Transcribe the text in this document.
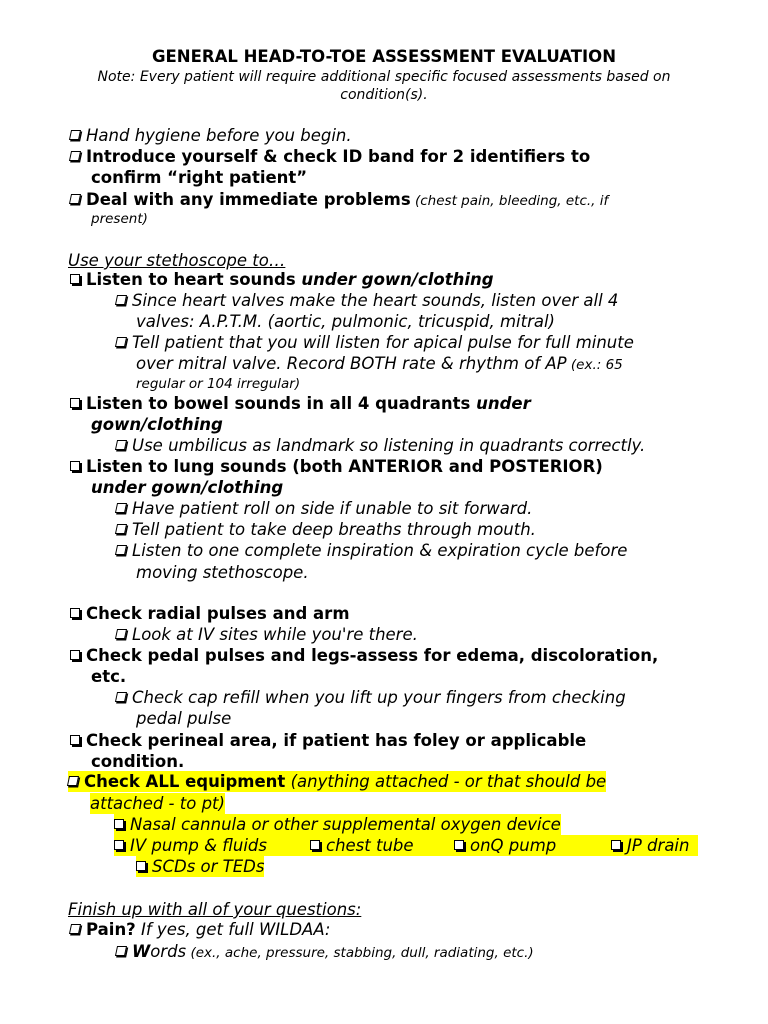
GENERAL HEAD-TO-TOE ASSESSMENT EVALUATION
Note: Every patient will require additional specific focused assessments based on
condition(s).
Hand hygiene before you begin.
Introduce yourself & check ID band for 2 identifiers to
confirm “right patient”
Deal with any immediate problems (chest pain, bleeding, etc., if
present)
Use your stethoscope to…
Listen to heart sounds under gown/clothing
Since heart valves make the heart sounds, listen over all 4
valves: A.P.T.M. (aortic, pulmonic, tricuspid, mitral)
Tell patient that you will listen for apical pulse for full minute
over mitral valve. Record BOTH rate & rhythm of AP (ex.: 65
regular or 104 irregular)
Listen to bowel sounds in all 4 quadrants under
gown/clothing
Use umbilicus as landmark so listening in quadrants correctly.
Listen to lung sounds (both ANTERIOR and POSTERIOR)
under gown/clothing
Have patient roll on side if unable to sit forward.
Tell patient to take deep breaths through mouth.
Listen to one complete inspiration & expiration cycle before
moving stethoscope.
Check radial pulses and arm
Look at IV sites while you're there.
Check pedal pulses and legs-assess for edema, discoloration,
etc.
Check cap refill when you lift up your fingers from checking
pedal pulse
Check perineal area, if patient has foley or applicable
condition.
Check ALL equipment (anything attached - or that should be
attached - to pt)
Nasal cannula or other supplemental oxygen device
IV pump & fluids	chest tube	onQ pump	JP drain
SCDs or TEDs
Finish up with all of your questions:
Pain? If yes, get full WILDAA:
Words (ex., ache, pressure, stabbing, dull, radiating, etc.)
